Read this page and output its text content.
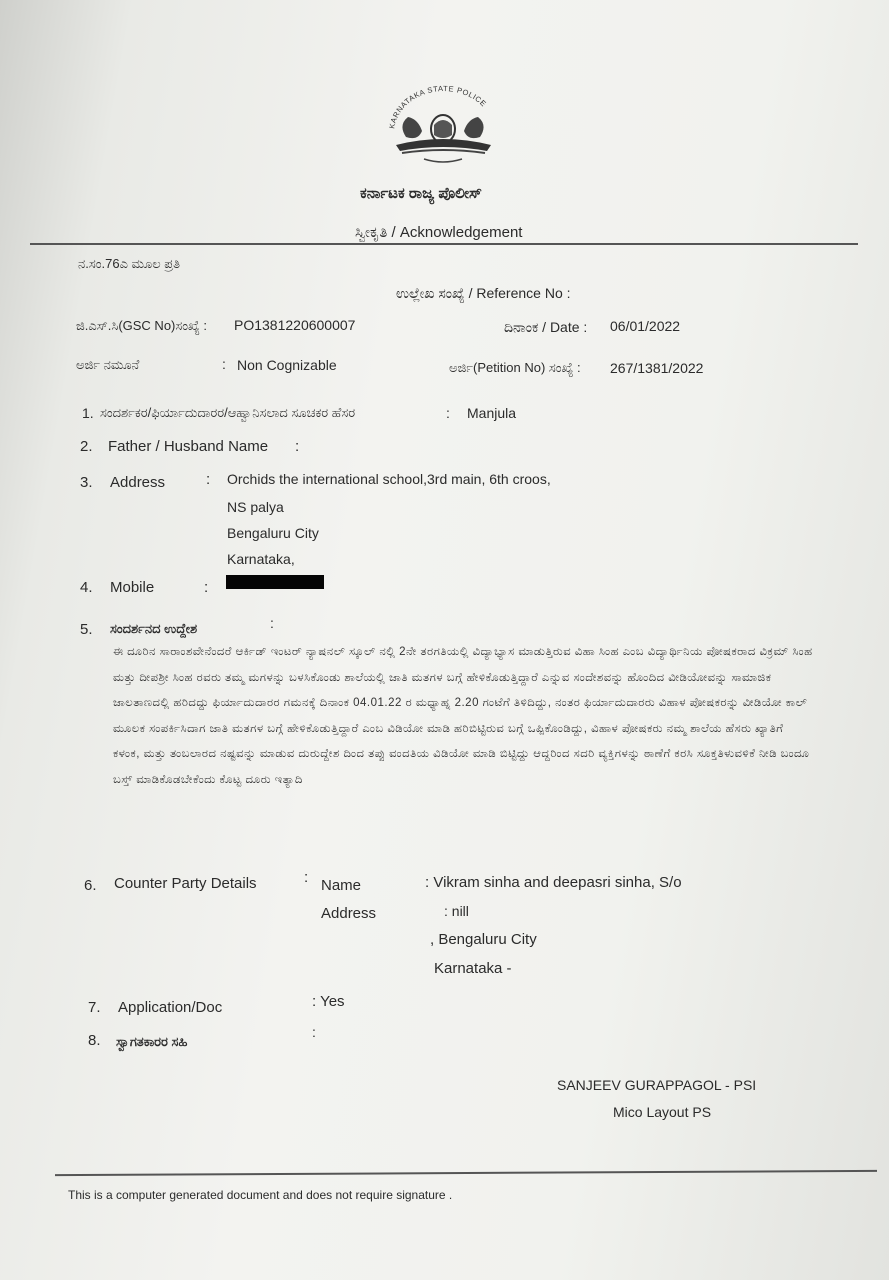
KARNATAKA STATE POLICE
ಕರ್ನಾಟಕ ರಾಜ್ಯ ಪೊಲೀಸ್
ಸ್ವೀಕೃತಿ / Acknowledgement
ನ.ಸಂ.76ಎ ಮೂಲ ಪ್ರತಿ
ಉಲ್ಲೇಖ ಸಂಖ್ಯೆ / Reference No :
ಜಿ.ಎಸ್.ಸಿ(GSC No)ಸಂಖ್ಯೆ : PO1381220600007	ದಿನಾಂಕ / Date : 06/01/2022
ಅರ್ಜಿ ನಮೂನೆ	: Non Cognizable	ಅರ್ಜಿ(Petition No) ಸಂಖ್ಯೆ : 267/1381/2022
1. ಸಂದರ್ಶಕರ/ಫಿರ್ಯಾದುದಾರರ/ಆಹ್ವಾನಿಸಲಾದ ಸೂಚಕರ ಹೆಸರ	: Manjula
2. Father / Husband Name :
3. Address	: Orchids the international school,3rd main, 6th croos,
NS palya
Bengaluru City
Karnataka,
4. Mobile	:
5. ಸಂದರ್ಶನದ ಉದ್ದೇಶ	:
ಈ ದೂರಿನ ಸಾರಾಂಶವೇನೆಂದರೆ ಆರ್ಕಿಡ್ ಇಂಟರ್ ನ್ಯಾಷನಲ್ ಸ್ಕೂಲ್ ನಲ್ಲಿ 2ನೇ ತರಗತಿಯಲ್ಲಿ ವಿದ್ಯಾಭ್ಯಾಸ ಮಾಡುತ್ತಿರುವ ವಿಹಾ ಸಿಂಹ ಎಂಬ ವಿದ್ಯಾರ್ಥಿನಿಯ ಪೋಷಕರಾದ ವಿಕ್ರಮ್ ಸಿಂಹ ಮತ್ತು ದೀಪಶ್ರೀ ಸಿಂಹ ರವರು ತಮ್ಮ ಮಗಳನ್ನು ಬಳಸಿಕೊಂಡು ಶಾಲೆಯಲ್ಲಿ ಜಾತಿ ಮತಗಳ ಬಗ್ಗೆ ಹೇಳಿಕೊಡುತ್ತಿದ್ದಾರೆ ಎನ್ನುವ ಸಂದೇಶವನ್ನು ಹೊಂದಿದ ವೀಡಿಯೋವನ್ನು ಸಾಮಾಜಿಕ ಜಾಲತಾಣದಲ್ಲಿ ಹರಿದದ್ದು ಫಿರ್ಯಾದುದಾರರ ಗಮನಕ್ಕೆ ದಿನಾಂಕ 04.01.22 ರ ಮಧ್ಯಾಹ್ನ 2.20 ಗಂಟೆಗೆ ತಿಳಿದಿದ್ದು, ನಂತರ ಫಿರ್ಯಾದುದಾರರು ವಿಹಾಳ ಪೋಷಕರನ್ನು ವೀಡಿಯೋ ಕಾಲ್ ಮೂಲಕ ಸಂಪರ್ಕಿಸಿದಾಗ ಜಾತಿ ಮತಗಳ ಬಗ್ಗೆ ಹೇಳಿಕೊಡುತ್ತಿದ್ದಾರೆ ಎಂಬ ವಿಡಿಯೋ ಮಾಡಿ ಹರಿಬಿಟ್ಟಿರುವ ಬಗ್ಗೆ ಒಪ್ಪಿಕೊಂಡಿದ್ದು, ವಿಹಾಳ ಪೋಷಕರು ನಮ್ಮ ಶಾಲೆಯ ಹೆಸರು ಖ್ಯಾತಿಗೆ ಕಳಂಕ, ಮತ್ತು ತಂಬಲಾರದ ನಷ್ಟವನ್ನು ಮಾಡುವ ದುರುದ್ದೇಶ ದಿಂದ ತಪ್ಪು ವಂದತಿಯ ವಿಡಿಯೋ ಮಾಡಿ ಬಿಟ್ಟಿದ್ದು ಆದ್ದರಿಂದ ಸದರಿ ವ್ಯಕ್ತಿಗಳನ್ನು ಠಾಣೆಗೆ ಕರಸಿ ಸೂಕ್ತತಿಳುವಳಿಕೆ ನೀಡಿ ಬಂದೂ ಬಸ್ತ್ ಮಾಡಿಕೊಡಬೇಕೆಂದು ಕೊಟ್ಟ ದೂರು ಇತ್ಯಾದಿ
6. Counter Party Details	: Name	: Vikram sinha and deepasri sinha, S/o
Address	: nill
, Bengaluru City
Karnataka -
7. Application/Doc	: Yes
8. ಸ್ವಾಗತಕಾರರ ಸಹಿ
:
SANJEEV GURAPPAGOL - PSI
Mico Layout PS
This is a computer generated document and does not require signature .
